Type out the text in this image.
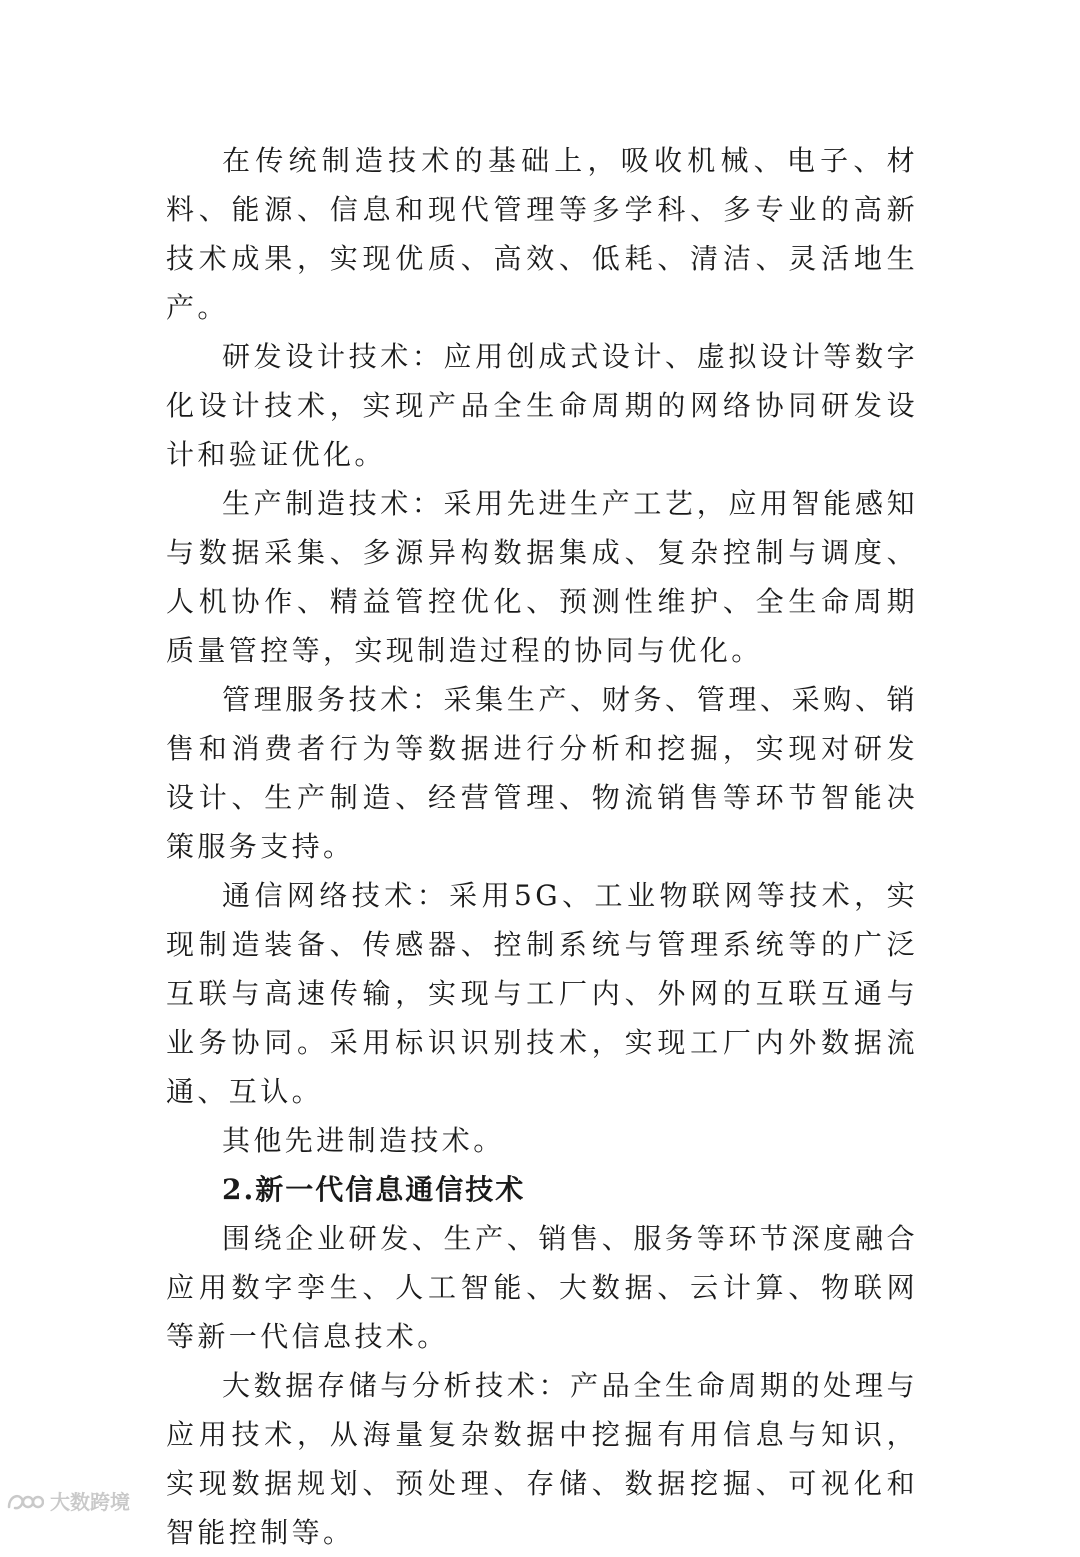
在传统制造技术的基础上，吸收机械、电子、材料、能源、信息和现代管理等多学科、多专业的高新技术成果，实现优质、高效、低耗、清洁、灵活地生产。

研发设计技术：应用创成式设计、虚拟设计等数字化设计技术，实现产品全生命周期的网络协同研发设计和验证优化。

生产制造技术：采用先进生产工艺，应用智能感知与数据采集、多源异构数据集成、复杂控制与调度、人机协作、精益管控优化、预测性维护、全生命周期质量管控等，实现制造过程的协同与优化。

管理服务技术：采集生产、财务、管理、采购、销售和消费者行为等数据进行分析和挖掘，实现对研发设计、生产制造、经营管理、物流销售等环节智能决策服务支持。

通信网络技术：采用5G、工业物联网等技术，实现制造装备、传感器、控制系统与管理系统等的广泛互联与高速传输，实现与工厂内、外网的互联互通与业务协同。采用标识识别技术，实现工厂内外数据流通、互认。

其他先进制造技术。

2.新一代信息通信技术

围绕企业研发、生产、销售、服务等环节深度融合应用数字孪生、人工智能、大数据、云计算、物联网等新一代信息技术。

大数据存储与分析技术：产品全生命周期的处理与应用技术，从海量复杂数据中挖掘有用信息与知识，实现数据规划、预处理、存储、数据挖掘、可视化和智能控制等。

大数跨境
